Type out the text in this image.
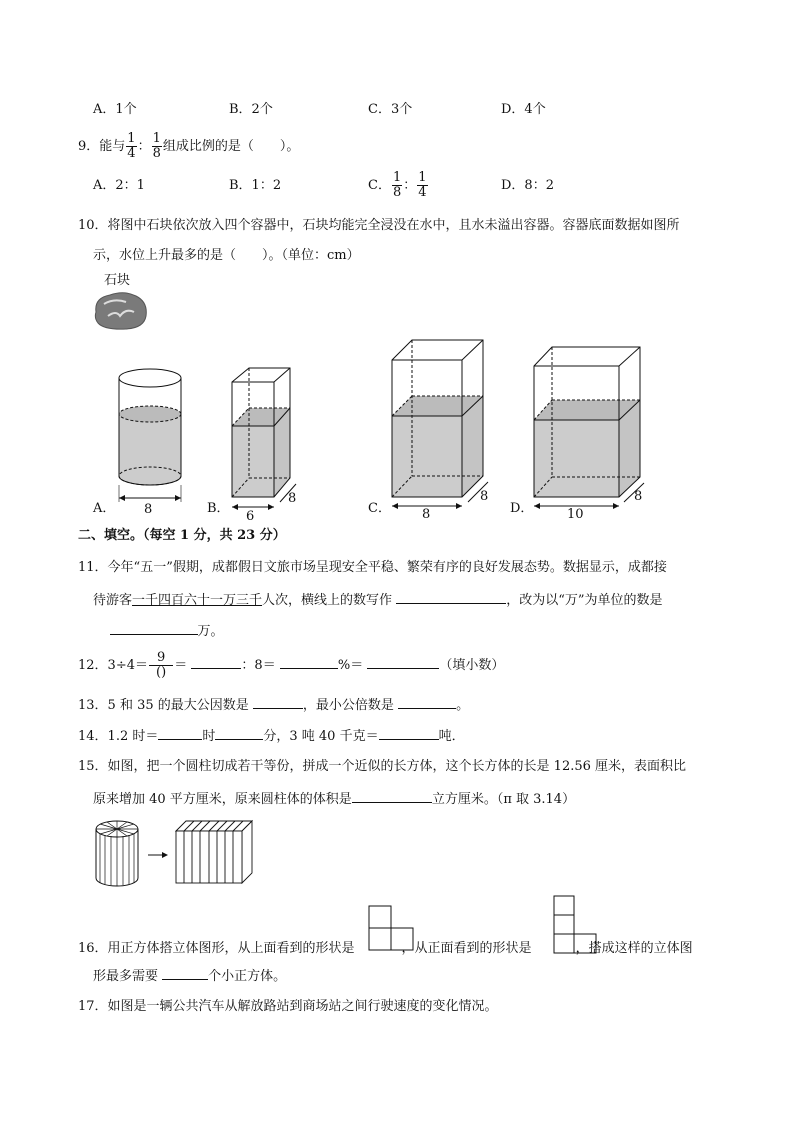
A．1个	B．2个	C．3个	D．4个
9．能与 $\frac{1}{4}$ ： $\frac{1}{8}$ 组成比例的是（　　）。
A．2：1	B．1：2	C． $\frac{1}{8}$ ： $\frac{1}{4}$	D．8：2
10．将图中石块依次放入四个容器中，石块均能完全浸没在水中，且水未溢出容器。容器底面数据如图所
示，水位上升最多的是（　　）。（单位：cm）
石块
8
A．
6
8
B．	8
8
C．	10
8
D．
二、填空。（每空 1 分，共 23 分）
11．今年“五一”假期，成都假日文旅市场呈现安全平稳、繁荣有序的良好发展态势。数据显示，成都接
待游客一千四百六十一万三千人次，横线上的数写作	，改为以“万”为单位的数是
万。
12．$3\div 4= \frac{9}{()}$ ＝	：8＝	%＝	（填小数）
13．5 和 35 的最大公因数是	，最小公倍数是	。
14．1.2 时＝	时	分，3 吨 40 千克＝	吨．
15．如图，把一个圆柱切成若干等份，拼成一个近似的长方体，这个长方体的长是 12.56 厘米，表面积比
原来增加 40 平方厘米，原来圆柱体的体积是	立方厘米。（π 取 3.14）
16．用正方体搭立体图形，从上面看到的形状是	，从正面看到的形状是	，搭成这样的立体图
形最多需要	个小正方体。
17．如图是一辆公共汽车从解放路站到商场站之间行驶速度的变化情况。
